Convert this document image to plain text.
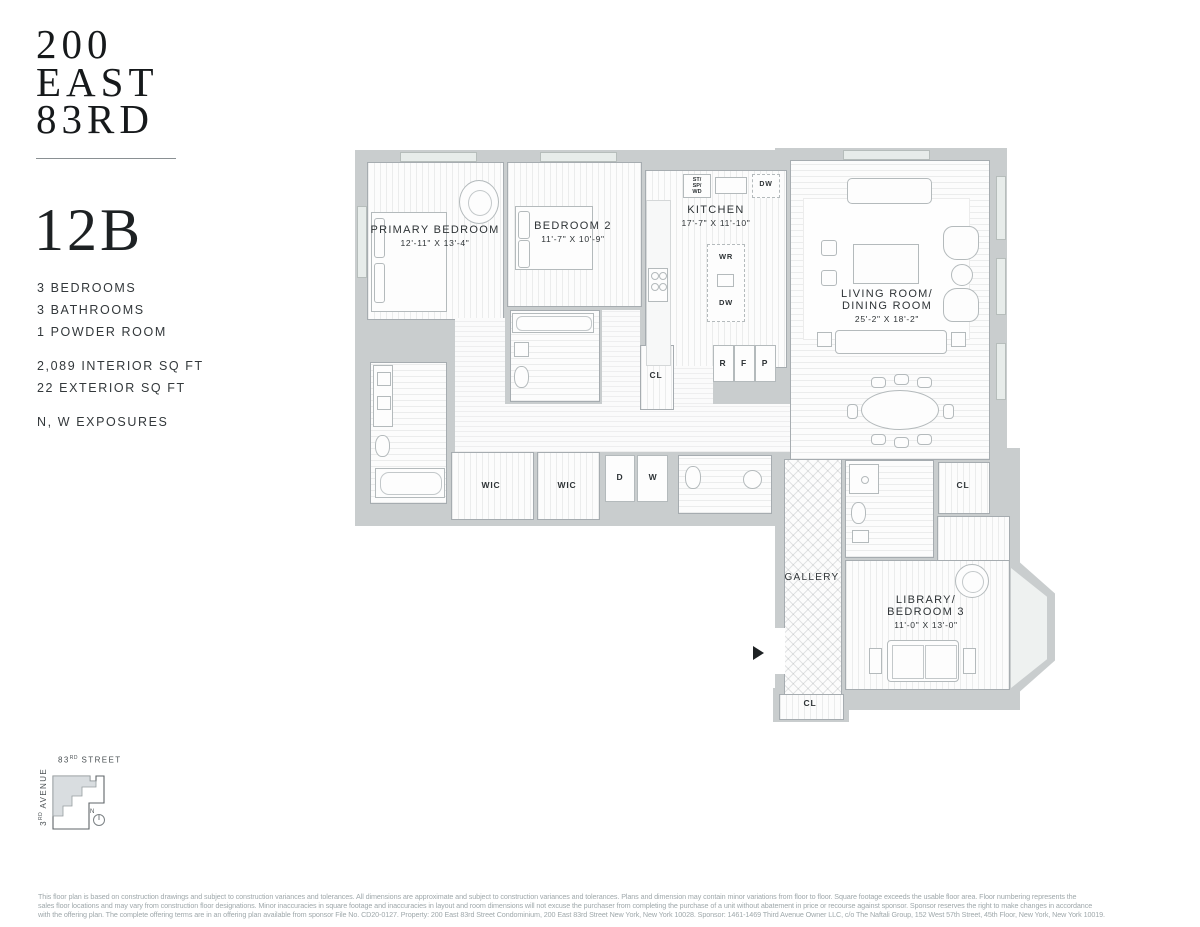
200
EAST
83RD
12B
3 BEDROOMS
3 BATHROOMS
1 POWDER ROOM
2,089 INTERIOR SQ FT
22 EXTERIOR SQ FT
N, W EXPOSURES
ST/
SP/
WD
DW
WR
DW
R F P
D	W
PRIMARY BEDROOM
12'-11" X 13'-4"
BEDROOM 2
11'-7" X 10'-9"
KITCHEN
17'-7" X 11'-10"
LIVING ROOM/
DINING ROOM
25'-2" X 18'-2"
GALLERY
LIBRARY/
BEDROOM 3
11'-0" X 13'-0"
WIC	WIC
CL
CL
CL
83RD STREET
3RD AVENUE
N
This floor plan is based on construction drawings and subject to construction variances and tolerances. All dimensions are approximate and subject to construction variances and tolerances. Plans and dimension may contain minor variations from floor to floor. Square footage exceeds the usable floor area. Floor numbering represents the
sales floor locations and may vary from construction floor designations. Minor inaccuracies in square footage and inaccuracies in layout and room dimensions will not excuse the purchaser from completing the purchase of a unit without abatement in price or recourse against sponsor. Sponsor reserves the right to make changes in accordance
with the offering plan. The complete offering terms are in an offering plan available from sponsor File No. CD20-0127. Property: 200 East 83rd Street Condominium, 200 East 83rd Street New York, New York 10028. Sponsor: 1461-1469 Third Avenue Owner LLC, c/o The Naftali Group, 152 West 57th Street, 45th Floor, New York, New York 10019.
